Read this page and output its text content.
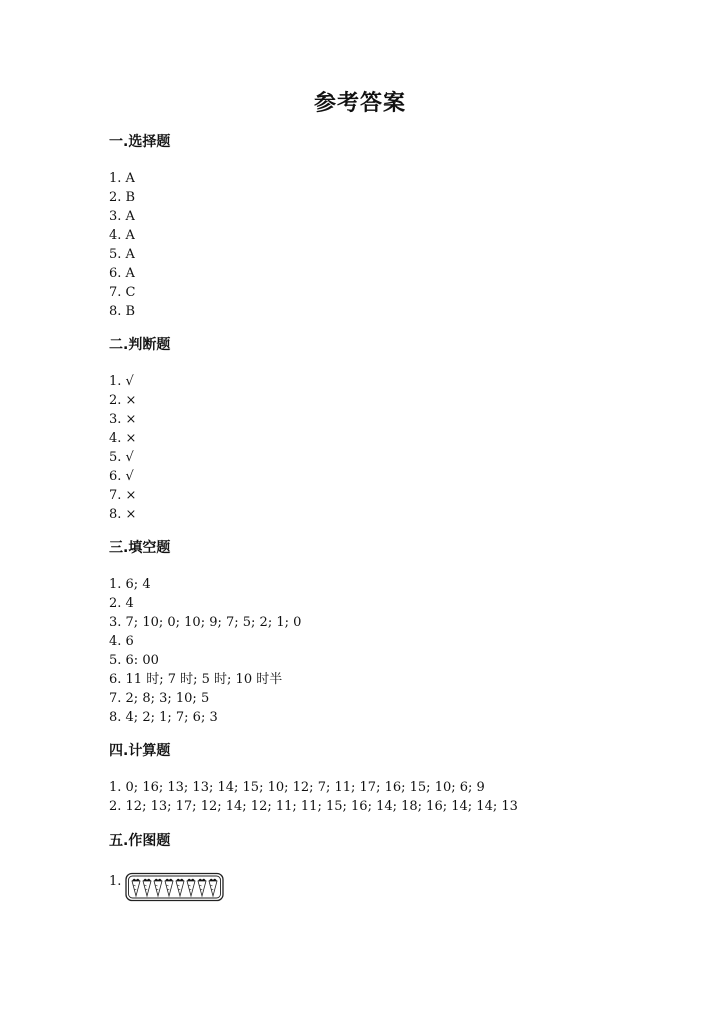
参考答案
一.选择题
1. A
2. B
3. A
4. A
5. A
6. A
7. C
8. B
二.判断题
1. √
2. ×
3. ×
4. ×
5. √
6. √
7. ×
8. ×
三.填空题
1. 6; 4
2. 4
3. 7; 10; 0; 10; 9; 7; 5; 2; 1; 0
4. 6
5. 6: 00
6. 11 时; 7 时; 5 时; 10 时半
7. 2; 8; 3; 10; 5
8. 4; 2; 1; 7; 6; 3
四.计算题
1. 0; 16; 13; 13; 14; 15; 10; 12; 7; 11; 17; 16; 15; 10; 6; 9
2. 12; 13; 17; 12; 14; 12; 11; 11; 15; 16; 14; 18; 16; 14; 14; 13
五.作图题
1.
